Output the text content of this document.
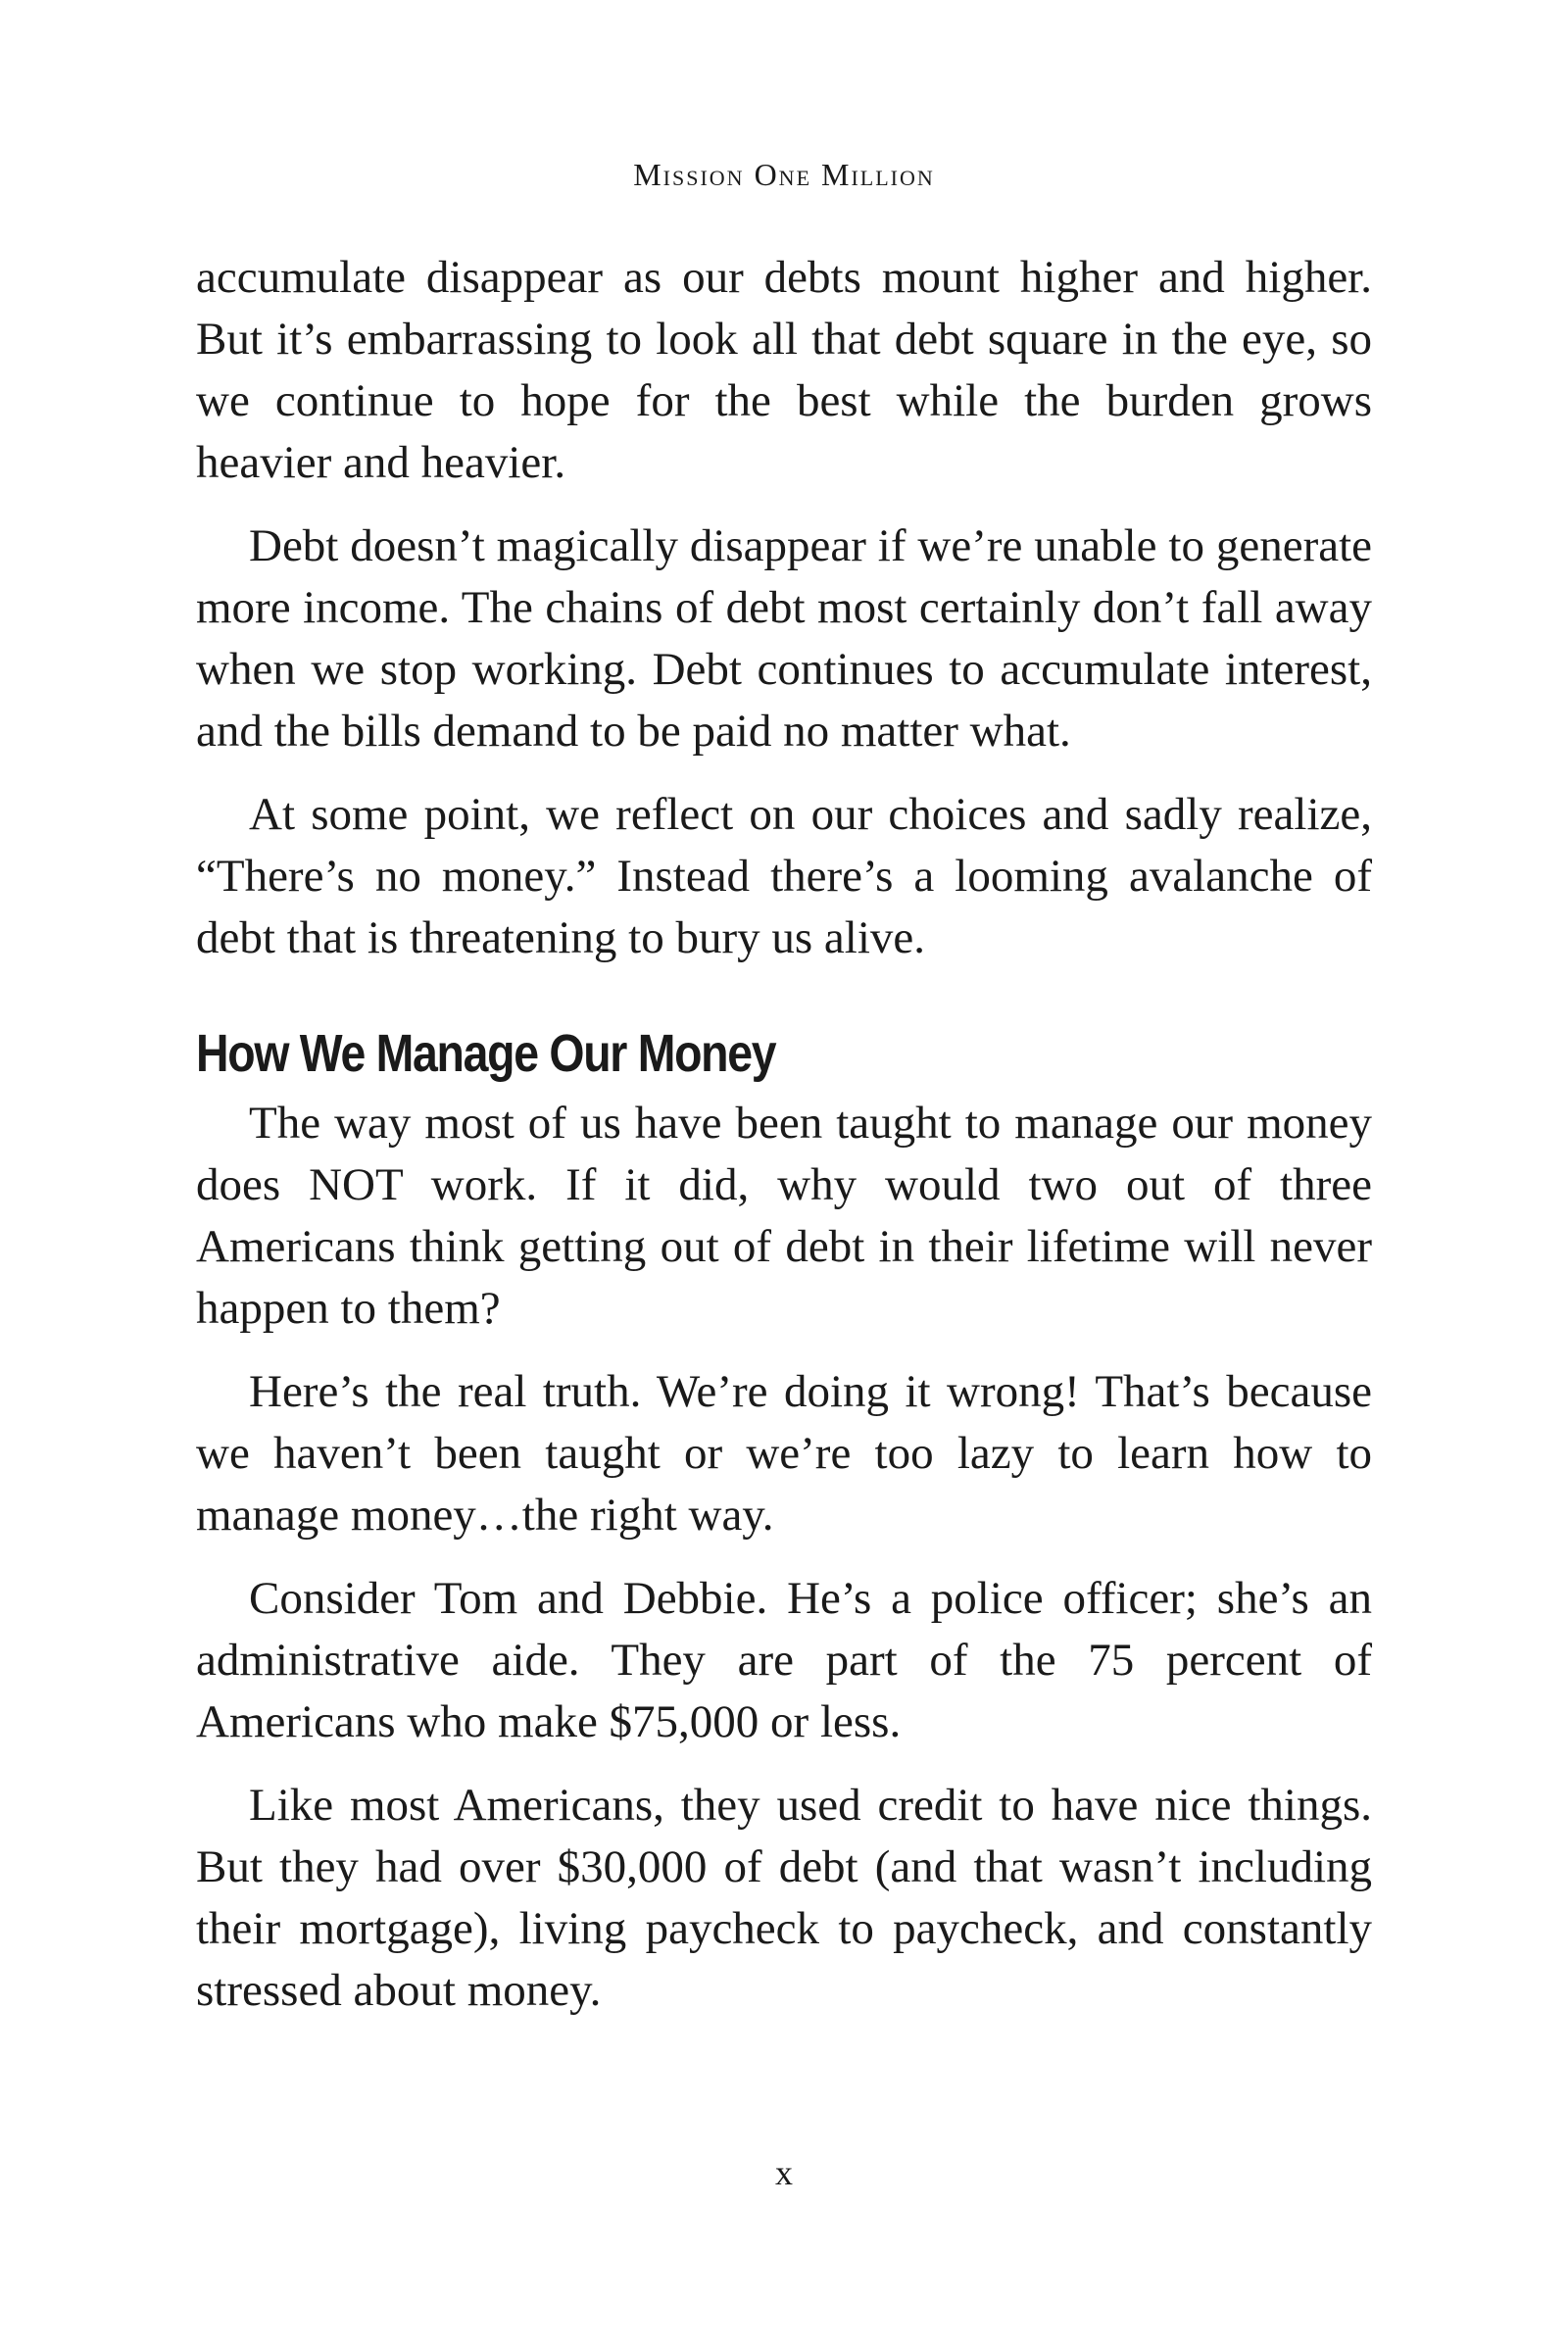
Mission One Million

accumulate disappear as our debts mount higher and higher. But it’s embarrassing to look all that debt square in the eye, so we continue to hope for the best while the burden grows heavier and heavier.

Debt doesn’t magically disappear if we’re unable to generate more income. The chains of debt most certainly don’t fall away when we stop working. Debt continues to accumulate interest, and the bills demand to be paid no matter what.

At some point, we reflect on our choices and sadly realize, “There’s no money.” Instead there’s a looming avalanche of debt that is threatening to bury us alive.

How We Manage Our Money

The way most of us have been taught to manage our money does NOT work. If it did, why would two out of three Americans think getting out of debt in their lifetime will never happen to them?

Here’s the real truth. We’re doing it wrong! That’s because we haven’t been taught or we’re too lazy to learn how to manage money…the right way.

Consider Tom and Debbie. He’s a police officer; she’s an administrative aide. They are part of the 75 percent of Americans who make $75,000 or less.

Like most Americans, they used credit to have nice things. But they had over $30,000 of debt (and that wasn’t including their mortgage), living paycheck to paycheck, and constantly stressed about money.

x
